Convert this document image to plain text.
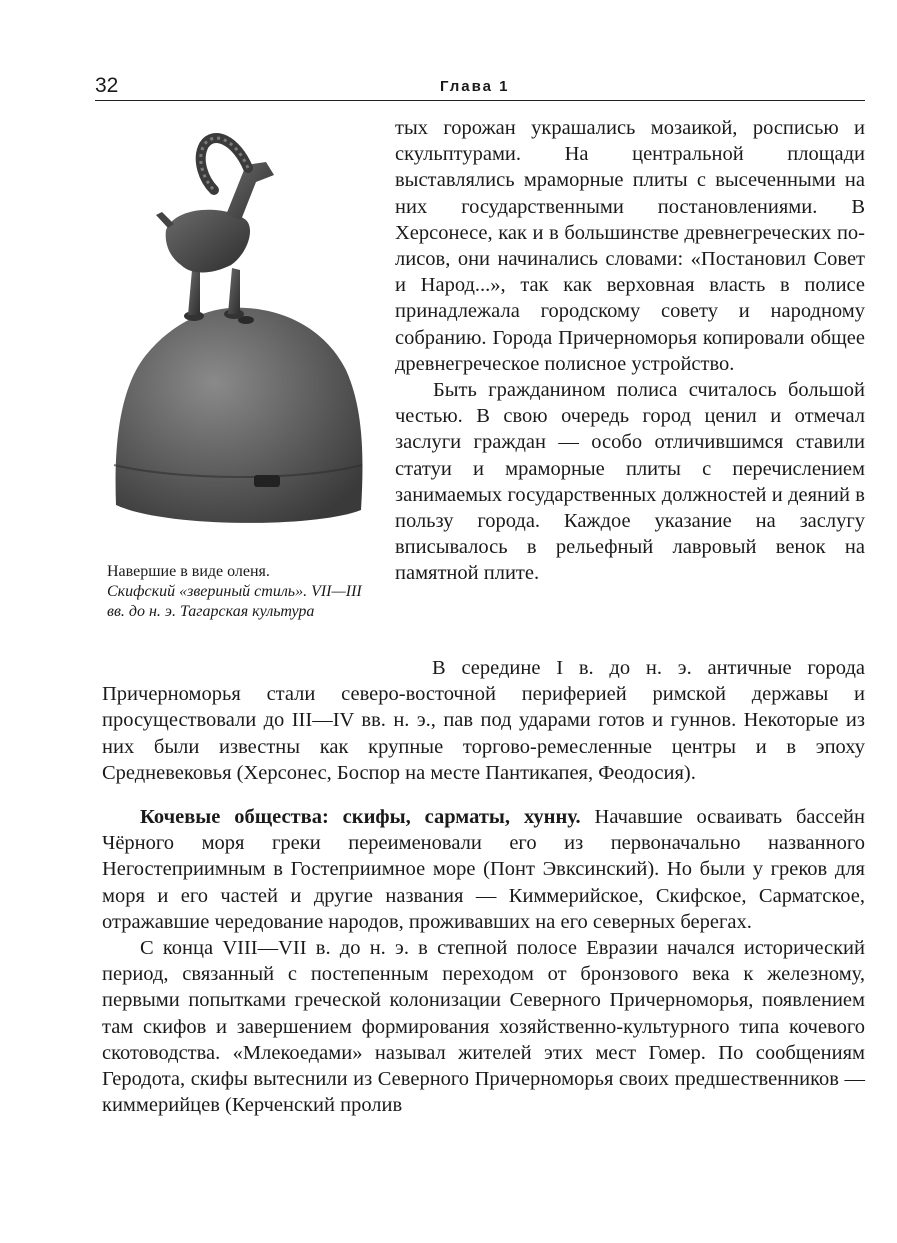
32	Глава 1
Навершие в виде оленя.
Скифский «звериный стиль». VII—III вв. до н. э. Тагарская культура

тых горожан украшались мозаикой, росписью и скульптурами. На центральной площади выставлялись мраморные плиты с высеченными на них государственными постановлениями. В Херсонесе, как и в большинстве древнегреческих полисов, они начинались словами: «Постановил Совет и Народ...», так как верховная власть в полисе принадлежала городскому совету и народному собранию. Города Причерноморья копировали общее древнегреческое полисное устройство.

Быть гражданином полиса считалось большой честью. В свою очередь город ценил и отмечал заслуги граждан — особо отличившимся ставили статуи и мраморные плиты с перечислением занимаемых государственных должностей и деяний в пользу города. Каждое указание на заслугу вписывалось в рельефный лавровый венок на памятной плите.

В середине I в. до н. э. античные города Причерноморья стали северо-восточной периферией римской державы и просуществовали до III—IV вв. н. э., пав под ударами готов и гуннов. Некоторые из них были известны как крупные торгово-ремесленные центры и в эпоху Средневековья (Херсонес, Боспор на месте Пантикапея, Феодосия).

Кочевые общества: скифы, сарматы, хунну. Начавшие осваивать бассейн Чёрного моря греки переименовали его из первоначально названного Негостеприимным в Гостеприимное море (Понт Эвксинский). Но были у греков для моря и его частей и другие названия — Киммерийское, Скифское, Сарматское, отражавшие чередование народов, проживавших на его северных берегах.

С конца VIII—VII в. до н. э. в степной полосе Евразии начался исторический период, связанный с постепенным переходом от бронзового века к железному, первыми попытками греческой колонизации Северного Причерноморья, появлением там скифов и завершением формирования хозяйственно-культурного типа кочевого скотоводства. «Млекоедами» называл жителей этих мест Гомер. По сообщениям Геродота, скифы вытеснили из Северного Причерноморья своих предшественников — киммерийцев (Керченский пролив
